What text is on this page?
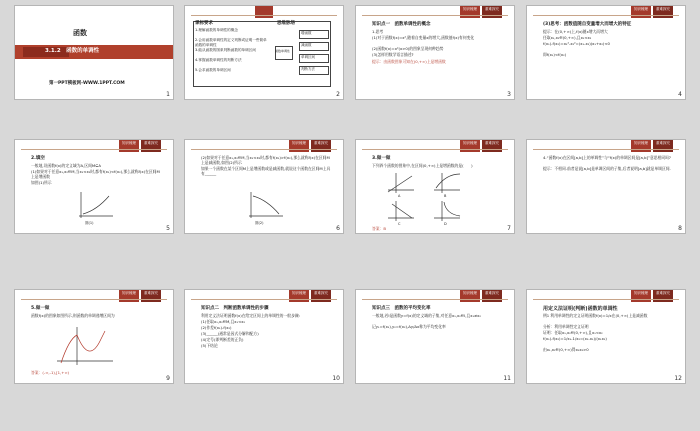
1
函数
3.1.2　函数的单调性
第一PPT模板网-WWW.1PPT.COM
2
课标要求	思维脉络
1.理解函数的单调性的概念
2.会用函数单调性的定义判断或证明一些简单函数的单调性
3.能从函数的图象判断函数的单调区间
4.掌握函数单调性的判断方法
5.会求函数的单调区间
函数单调性
增函数
减函数
单调区间
判断方法
3
知识梳理	重难探究
知识点一　函数单调性的概念
1.思考
(1)对于函数f(x)=x²,随着自变量x的增大,函数值f(x)有何变化
(2)函数f(x)=x²(x>0)的图象呈现何种趋势
(3)怎样用数学语言描述?
提示：由函数图象可知在(0,+∞)上是增函数
4
知识梳理	重难探究
(3)思考：函数值随自变量增大而增大的特征
提示：在(0,+∞)上,f(x)随x增大而增大
任取x₁,x₂∈(0,+∞),且x₁<x₂
f(x₁)-f(x₂)=x₁²-x₂²=(x₁-x₂)(x₁+x₂)<0
即f(x₁)<f(x₂)
5
知识梳理	重难探究
2.填空
一般地,设函数f(x)的定义域为A,区间M⊆A
(1)如果对于任意x₁,x₂∈M,当x₁<x₂时,都有f(x₁)<f(x₂),那么就称f(x)在区间M上是增函数
如图(1)所示
图(1)
6
知识梳理	重难探究
(2)如果对于任意x₁,x₂∈M,当x₁<x₂时,都有f(x₁)>f(x₂),那么就称f(x)在区间M上是减函数,如图(2)所示
如果一个函数在某个区间M上是增函数或是减函数,就说这个函数在区间M上具有______
图(2)
7
知识梳理	重难探究
3.做一做
下列四个函数的图象中,在区间(0,+∞)上是增函数的是(　　)
A	B
C	D
答案：B	8
知识梳理	重难探究
4.“函数f(x)在区间[a,b]上的单调性”与“f(x)的单调区间是[a,b]”意思相同吗?
提示：不相同.前者是说[a,b]是单调区间的子集,后者说明[a,b]就是单调区间.
9
知识梳理	重难探究
5.做一做
函数f(x)的图象如图所示,则函数的单调递增区间为
答案：(-∞,-1),[1,+∞)
10
知识梳理	重难探究
知识点二　判断函数单调性的步骤
利用定义法证明函数f(x)在给定区间上的单调性的一般步骤:
(1)任取x₁,x₂∈M,且x₁<x₂
(2)作差f(x₁)-f(x₂)
(3)______(通常是因式分解和配方)
(4)定号(即判断差的正负)
(5)下结论
11
知识梳理	重难探究
知识点三　函数的平均变化率
一般地,若I是函数y=f(x)的定义域的子集,对任意x₁,x₂∈I,且x₁≠x₂
记y₁=f(x₁),y₂=f(x₂),Δy/Δx称为平均变化率
12
知识梳理	重难探究
用定义法证明(判断)函数的单调性
例1 利用单调性的定义证明函数f(x)=1/x在(0,+∞)上是减函数
分析：利用单调性定义证明
证明：任取x₁,x₂∈(0,+∞),且x₁<x₂
f(x₁)-f(x₂)=1/x₁-1/x₂=(x₂-x₁)/(x₁x₂)
由x₁,x₂∈(0,+∞)得x₁x₂>0
